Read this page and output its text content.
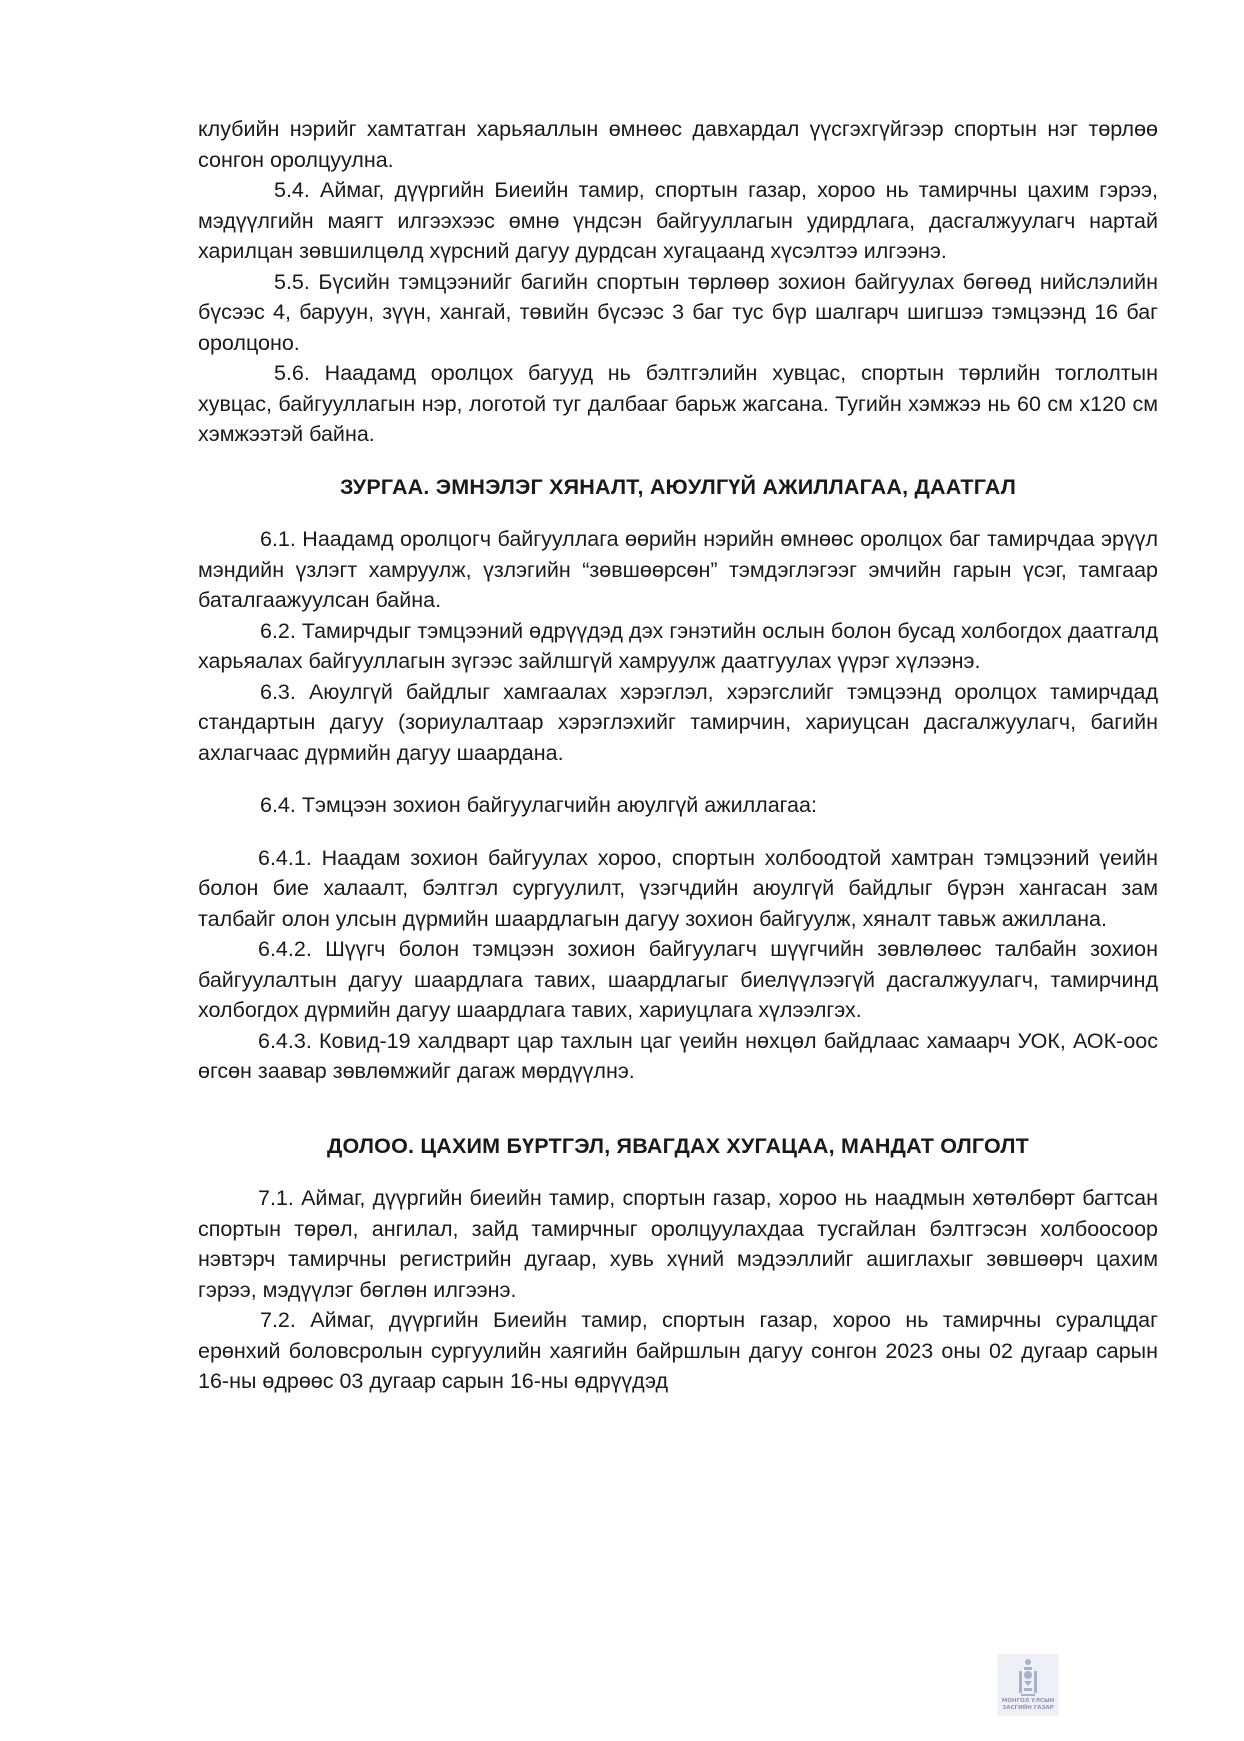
клубийн нэрийг хамтатган харьяаллын өмнөөс давхардал үүсгэхгүйгээр спортын нэг төрлөө сонгон оролцуулна.

5.4. Аймаг, дүүргийн Биеийн тамир, спортын газар, хороо нь тамирчны цахим гэрээ, мэдүүлгийн маягт илгээхээс өмнө үндсэн байгууллагын удирдлага, дасгалжуулагч нартай харилцан зөвшилцөлд хүрсний дагуу дурдсан хугацаанд хүсэлтээ илгээнэ.

5.5. Бүсийн тэмцээнийг багийн спортын төрлөөр зохион байгуулах бөгөөд нийслэлийн бүсээс 4, баруун, зүүн, хангай, төвийн бүсээс 3 баг тус бүр шалгарч шигшээ тэмцээнд 16 баг оролцоно.

5.6. Наадамд оролцох багууд нь бэлтгэлийн хувцас, спортын төрлийн тоглолтын хувцас, байгууллагын нэр, логотой туг далбааг барьж жагсана. Тугийн хэмжээ нь 60 см х120 см хэмжээтэй байна.

ЗУРГАА. ЭМНЭЛЭГ ХЯНАЛТ, АЮУЛГҮЙ АЖИЛЛАГАА, ДААТГАЛ

6.1. Наадамд оролцогч байгууллага өөрийн нэрийн өмнөөс оролцох баг тамирчдаа эрүүл мэндийн үзлэгт хамруулж, үзлэгийн “зөвшөөрсөн” тэмдэглэгээг эмчийн гарын үсэг, тамгаар баталгаажуулсан байна.

6.2. Тамирчдыг тэмцээний өдрүүдэд дэх гэнэтийн ослын болон бусад холбогдох даатгалд харьяалах байгууллагын зүгээс зайлшгүй хамруулж даатгуулах үүрэг хүлээнэ.

6.3. Аюулгүй байдлыг хамгаалах хэрэглэл, хэрэгслийг тэмцээнд оролцох тамирчдад стандартын дагуу (зориулалтаар хэрэглэхийг тамирчин, хариуцсан дасгалжуулагч, багийн ахлагчаас дүрмийн дагуу шаардана.

6.4. Тэмцээн зохион байгуулагчийн аюулгүй ажиллагаа:

6.4.1. Наадам зохион байгуулах хороо, спортын холбоодтой хамтран тэмцээний үеийн болон бие халаалт, бэлтгэл сургуулилт, үзэгчдийн аюулгүй байдлыг бүрэн хангасан зам талбайг олон улсын дүрмийн шаардлагын дагуу зохион байгуулж, хяналт тавьж ажиллана.

6.4.2. Шүүгч болон тэмцээн зохион байгуулагч шүүгчийн зөвлөлөөс талбайн зохион байгуулалтын дагуу шаардлага тавих, шаардлагыг биелүүлээгүй дасгалжуулагч, тамирчинд холбогдох дүрмийн дагуу шаардлага тавих, хариуцлага хүлээлгэх.

6.4.3. Ковид-19 халдварт цар тахлын цаг үеийн нөхцөл байдлаас хамаарч УОК, АОК-оос өгсөн заавар зөвлөмжийг дагаж мөрдүүлнэ.

ДОЛОО. ЦАХИМ БҮРТГЭЛ, ЯВАГДАХ ХУГАЦАА, МАНДАТ ОЛГОЛТ

7.1. Аймаг, дүүргийн биеийн тамир, спортын газар, хороо нь наадмын хөтөлбөрт багтсан спортын төрөл, ангилал, зайд тамирчныг оролцуулахдаа тусгайлан бэлтгэсэн холбоосоор нэвтэрч тамирчны регистрийн дугаар, хувь хүний мэдээллийг ашиглахыг зөвшөөрч цахим гэрээ, мэдүүлэг бөглөн илгээнэ.

7.2. Аймаг, дүүргийн Биеийн тамир, спортын газар, хороо нь тамирчны суралцдаг ерөнхий боловсролын сургуулийн хаягийн байршлын дагуу сонгон 2023 оны 02 дугаар сарын 16-ны өдрөөс 03 дугаар сарын 16-ны өдрүүдэд

МОНГОЛ УЛСЫН ЗАСГИЙН ГАЗАР
